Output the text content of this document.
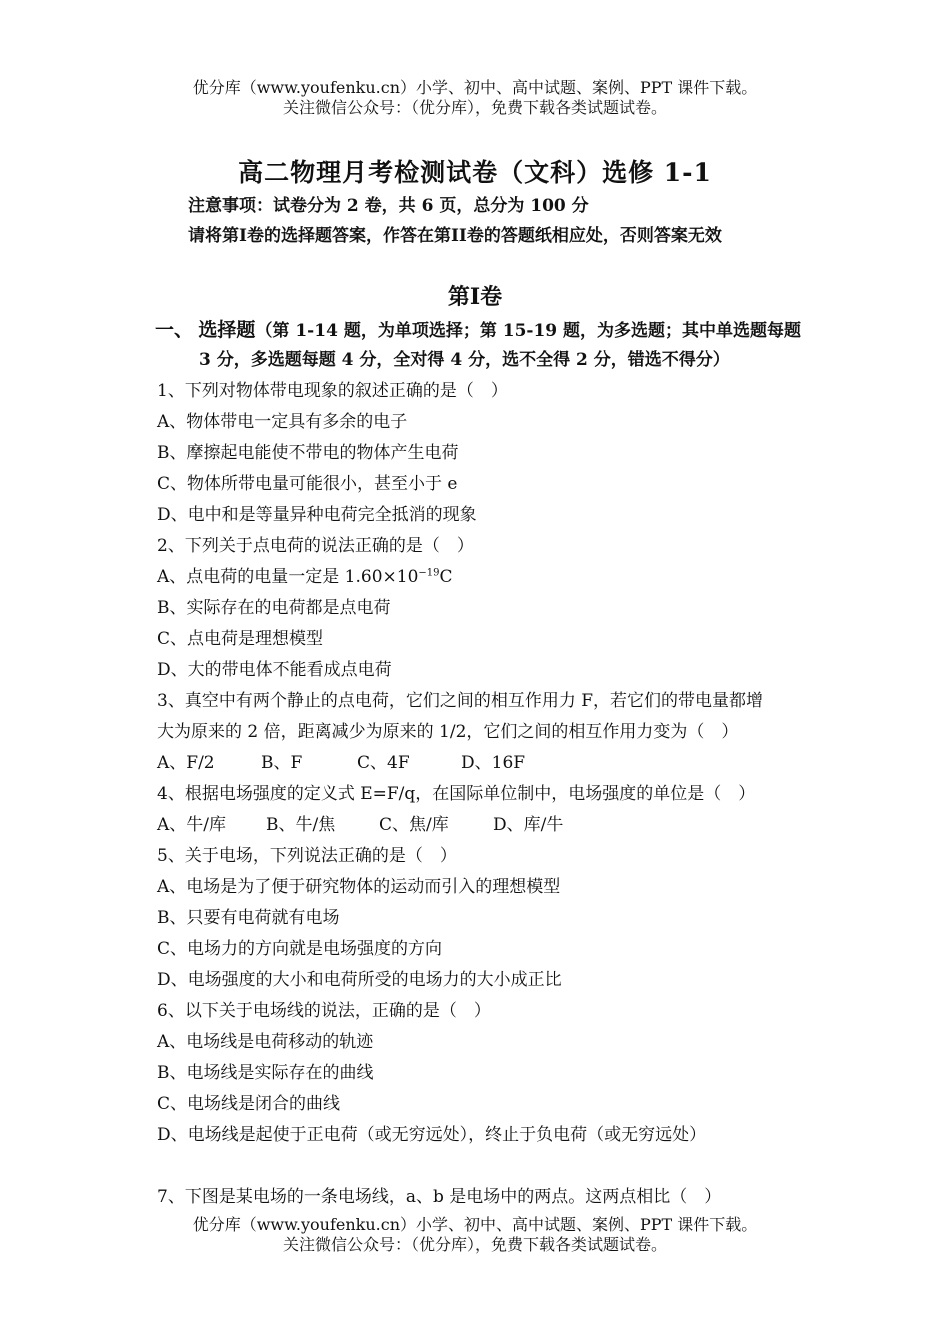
优分库（www.youfenku.cn）小学、初中、高中试题、案例、PPT 课件下载。
关注微信公众号：（优分库），免费下载各类试题试卷。
高二物理月考检测试卷（文科）选修 1-1
注意事项：试卷分为 2 卷，共 6 页，总分为 100 分
请将第I卷的选择题答案，作答在第II卷的答题纸相应处，否则答案无效
第I卷
一、 选择题（第 1-14 题，为单项选择；第 15-19 题，为多选题；其中单选题每题
3 分，多选题每题 4 分，全对得 4 分，选不全得 2 分，错选不得分）
1、下列对物体带电现象的叙述正确的是（　）
A、物体带电一定具有多余的电子
B、摩擦起电能使不带电的物体产生电荷
C、物体所带电量可能很小，甚至小于 e
D、电中和是等量异种电荷完全抵消的现象
2、下列关于点电荷的说法正确的是（　）
A、点电荷的电量一定是 $1.60\times 10^{-19}C$
B、实际存在的电荷都是点电荷
C、点电荷是理想模型
D、大的带电体不能看成点电荷
3、真空中有两个静止的点电荷，它们之间的相互作用力 F，若它们的带电量都增
大为原来的 2 倍，距离减少为原来的 1/2，它们之间的相互作用力变为（　）
A、F/2	B、F	C、4F	D、16F
4、根据电场强度的定义式 E=F/q，在国际单位制中，电场强度的单位是（　）
A、牛/库 B、牛/焦	C、焦/库	D、库/牛
5、关于电场，下列说法正确的是（　）
A、电场是为了便于研究物体的运动而引入的理想模型
B、只要有电荷就有电场
C、电场力的方向就是电场强度的方向
D、电场强度的大小和电荷所受的电场力的大小成正比
6、以下关于电场线的说法，正确的是（　）
A、电场线是电荷移动的轨迹
B、电场线是实际存在的曲线
C、电场线是闭合的曲线
D、电场线是起使于正电荷（或无穷远处），终止于负电荷（或无穷远处）
7、下图是某电场的一条电场线，a、b 是电场中的两点。这两点相比（　）
优分库（www.youfenku.cn）小学、初中、高中试题、案例、PPT 课件下载。
关注微信公众号：（优分库），免费下载各类试题试卷。
